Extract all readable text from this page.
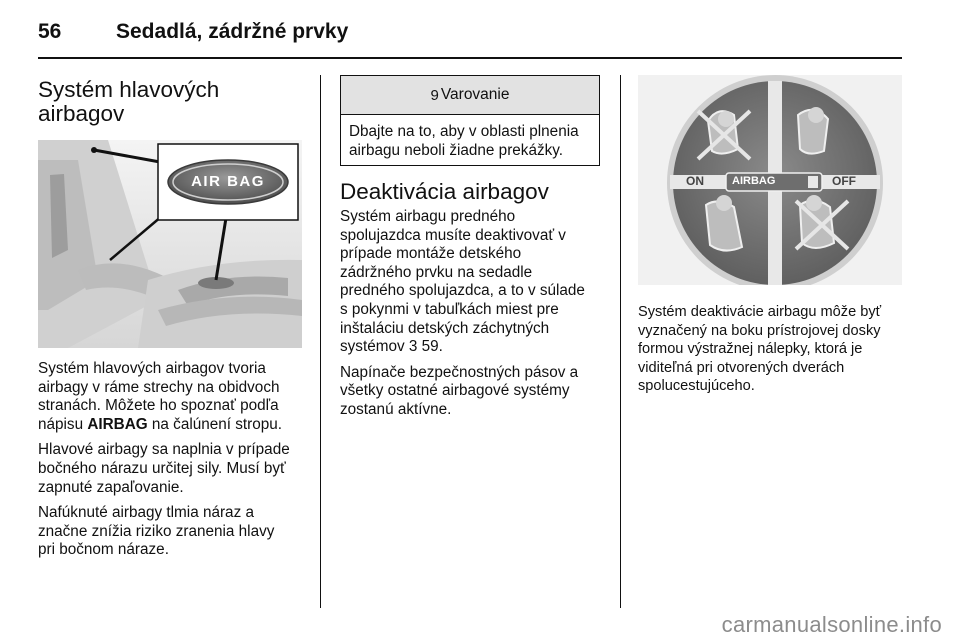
56	Sedadlá, zádržné prvky
Systém hlavových
airbagov
AIR BAG

Systém hlavových airbagov tvoria
airbagy v ráme strechy na obidvoch
stranách. Môžete ho spoznať podľa
nápisu AIRBAG na čalúnení stropu.

Hlavové airbagy sa naplnia v prípade
bočného nárazu určitej sily. Musí byť
zapnuté zapaľovanie.

Nafúknuté airbagy tlmia náraz a
značne znížia riziko zranenia hlavy
pri bočnom náraze.

9 Varovanie
Dbajte na to, aby v oblasti plnenia
airbagu neboli žiadne prekážky.
Deaktivácia airbagov

Systém airbagu predného
spolujazdca musíte deaktivovať v
prípade montáže detského
zádržného prvku na sedadle
predného spolujazdca, a to v súlade
s pokynmi v tabuľkách miest pre
inštaláciu detských záchytných
systémov 3 59.

Napínače bezpečnostných pásov a
všetky ostatné airbagové systémy
zostanú aktívne.

ON	AIRBAG	OFF

Systém deaktivácie airbagu môže byť
vyznačený na boku prístrojovej dosky
formou výstražnej nálepky, ktorá je
viditeľná pri otvorených dverách
spolucestujúceho.

carmanualsonline.info
